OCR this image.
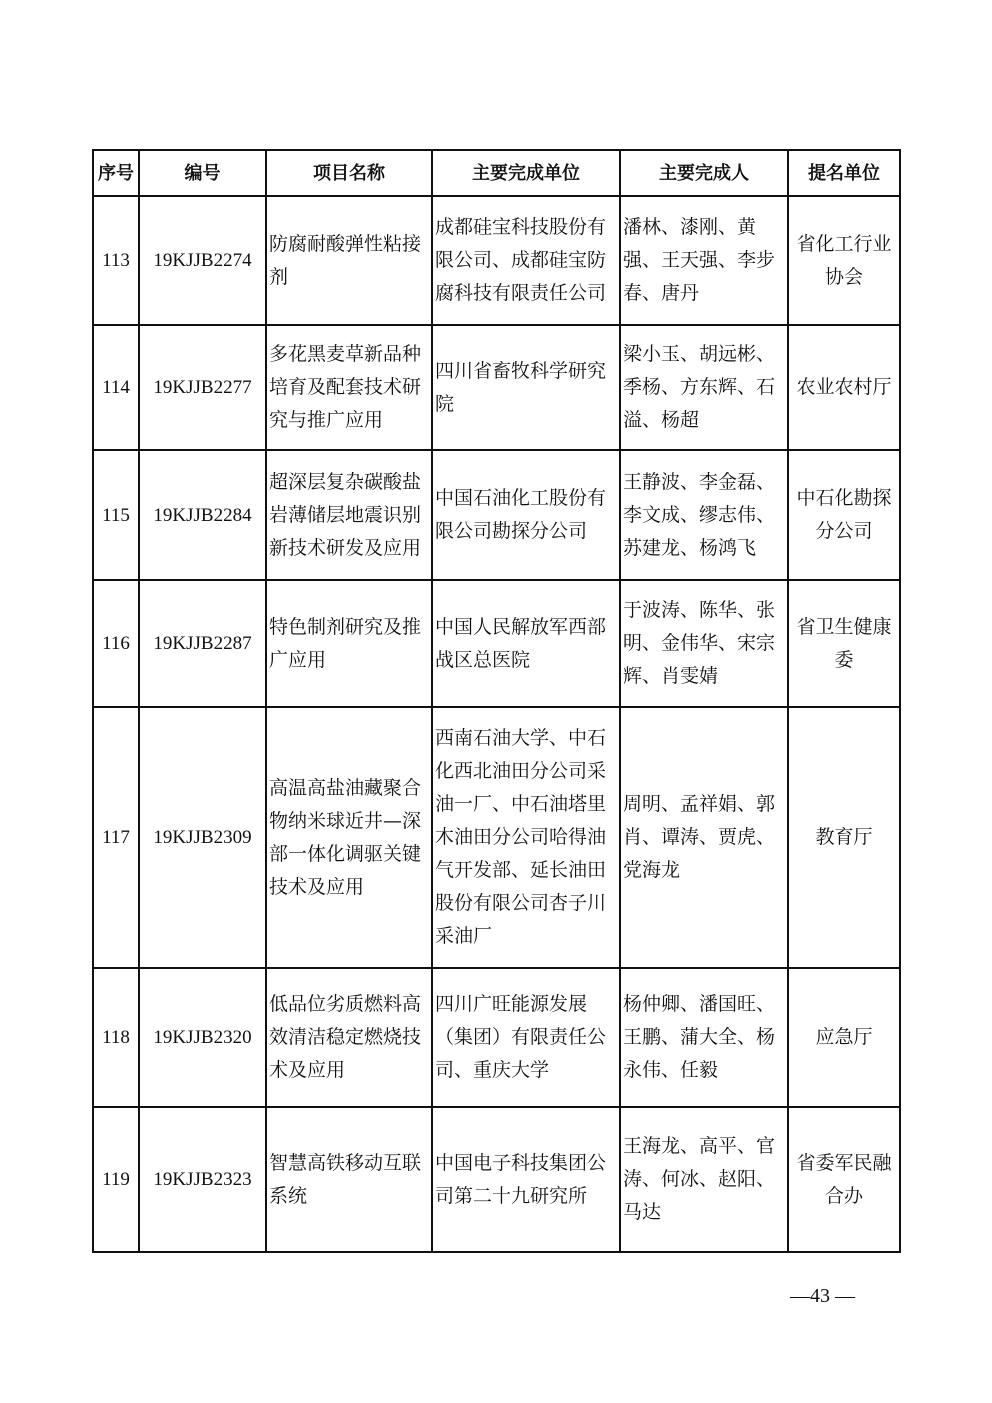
序号	编号	项目名称	主要完成单位	主要完成人	提名单位
113	19KJJB2274	防腐耐酸弹性粘接剂	成都硅宝科技股份有限公司、成都硅宝防腐科技有限责任公司	潘林、漆刚、黄强、王天强、李步春、唐丹	省化工行业协会
114	19KJJB2277	多花黑麦草新品种培育及配套技术研究与推广应用	四川省畜牧科学研究院	梁小玉、胡远彬、季杨、方东辉、石溢、杨超	农业农村厅
115	19KJJB2284	超深层复杂碳酸盐岩薄储层地震识别新技术研发及应用	中国石油化工股份有限公司勘探分公司	王静波、李金磊、李文成、缪志伟、苏建龙、杨鸿飞	中石化勘探分公司
116	19KJJB2287	特色制剂研究及推广应用	中国人民解放军西部战区总医院	于波涛、陈华、张明、金伟华、宋宗辉、肖雯婧	省卫生健康委
117	19KJJB2309	高温高盐油藏聚合物纳米球近井—深部一体化调驱关键技术及应用	西南石油大学、中石化西北油田分公司采油一厂、中石油塔里木油田分公司哈得油气开发部、延长油田股份有限公司杏子川采油厂	周明、孟祥娟、郭肖、谭涛、贾虎、党海龙	教育厅
118	19KJJB2320	低品位劣质燃料高效清洁稳定燃烧技术及应用	四川广旺能源发展（集团）有限责任公司、重庆大学	杨仲卿、潘国旺、王鹏、蒲大全、杨永伟、任毅	应急厅
119	19KJJB2323	智慧高铁移动互联系统	中国电子科技集团公司第二十九研究所	王海龙、高平、官涛、何冰、赵阳、马达	省委军民融合办
—43 —
